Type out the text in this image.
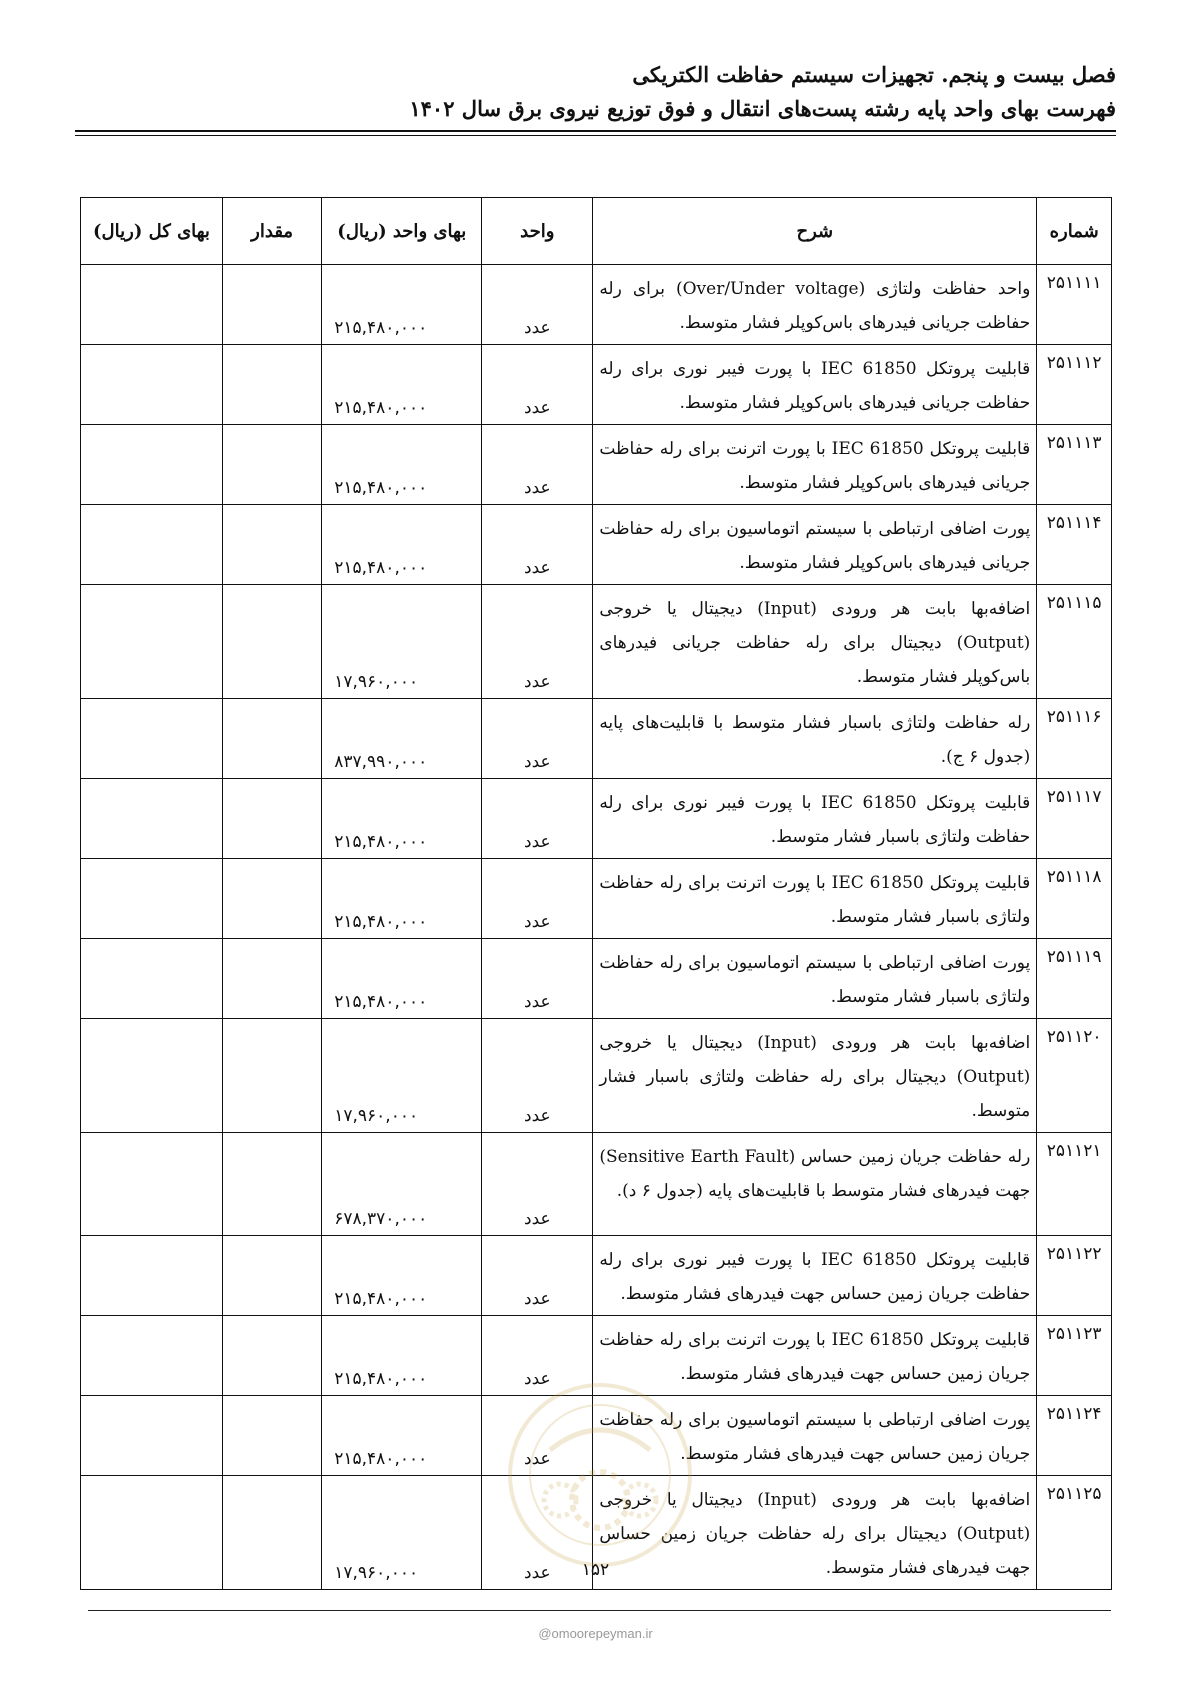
فصل بیست و پنجم. تجهیزات سیستم حفاظت الکتریکی
فهرست بهای واحد پایه رشته پست‌های انتقال و فوق توزیع نیروی برق سال ۱۴۰۲
شماره	شرح	واحد	بهای واحد (ریال)	مقدار	بهای کل (ریال)
۲۵۱۱۱۱	واحد حفاظت ولتاژی (Over/Under voltage) برای رله حفاظت جریانی فیدرهای باس‌کوپلر فشار متوسط.	عدد	۲۱۵,۴۸۰,۰۰۰		
۲۵۱۱۱۲	قابلیت پروتکل IEC 61850 با پورت فیبر نوری برای رله حفاظت جریانی فیدرهای باس‌کوپلر فشار متوسط.	عدد	۲۱۵,۴۸۰,۰۰۰		
۲۵۱۱۱۳	قابلیت پروتکل IEC 61850 با پورت اترنت برای رله حفاظت جریانی فیدرهای باس‌کوپلر فشار متوسط.	عدد	۲۱۵,۴۸۰,۰۰۰		
۲۵۱۱۱۴	پورت اضافی ارتباطی با سیستم اتوماسیون برای رله حفاظت جریانی فیدرهای باس‌کوپلر فشار متوسط.	عدد	۲۱۵,۴۸۰,۰۰۰		
۲۵۱۱۱۵	اضافه‌بها بابت هر ورودی (Input) دیجیتال یا خروجی (Output) دیجیتال برای رله حفاظت جریانی فیدرهای باس‌کوپلر فشار متوسط.	عدد	۱۷,۹۶۰,۰۰۰		
۲۵۱۱۱۶	رله حفاظت ولتاژی باسبار فشار متوسط با قابلیت‌های پایه (جدول ۶ ج).	عدد	۸۳۷,۹۹۰,۰۰۰		
۲۵۱۱۱۷	قابلیت پروتکل IEC 61850 با پورت فیبر نوری برای رله حفاظت ولتاژی باسبار فشار متوسط.	عدد	۲۱۵,۴۸۰,۰۰۰		
۲۵۱۱۱۸	قابلیت پروتکل IEC 61850 با پورت اترنت برای رله حفاظت ولتاژی باسبار فشار متوسط.	عدد	۲۱۵,۴۸۰,۰۰۰		
۲۵۱۱۱۹	پورت اضافی ارتباطی با سیستم اتوماسیون برای رله حفاظت ولتاژی باسبار فشار متوسط.	عدد	۲۱۵,۴۸۰,۰۰۰		
۲۵۱۱۲۰	اضافه‌بها بابت هر ورودی (Input) دیجیتال یا خروجی (Output) دیجیتال برای رله حفاظت ولتاژی باسبار فشار متوسط.	عدد	۱۷,۹۶۰,۰۰۰		
۲۵۱۱۲۱	رله حفاظت جریان زمین حساس (Sensitive Earth Fault) جهت فیدرهای فشار متوسط با قابلیت‌های پایه (جدول ۶ د).	عدد	۶۷۸,۳۷۰,۰۰۰		
۲۵۱۱۲۲	قابلیت پروتکل IEC 61850 با پورت فیبر نوری برای رله حفاظت جریان زمین حساس جهت فیدرهای فشار متوسط.	عدد	۲۱۵,۴۸۰,۰۰۰		
۲۵۱۱۲۳	قابلیت پروتکل IEC 61850 با پورت اترنت برای رله حفاظت جریان زمین حساس جهت فیدرهای فشار متوسط.	عدد	۲۱۵,۴۸۰,۰۰۰		
۲۵۱۱۲۴	پورت اضافی ارتباطی با سیستم اتوماسیون برای رله حفاظت جریان زمین حساس جهت فیدرهای فشار متوسط.	عدد	۲۱۵,۴۸۰,۰۰۰		
۲۵۱۱۲۵	اضافه‌بها بابت هر ورودی (Input) دیجیتال یا خروجی (Output) دیجیتال برای رله حفاظت جریان زمین حساس جهت فیدرهای فشار متوسط.	عدد	۱۷,۹۶۰,۰۰۰			۱۵۲
@omoorepeyman.ir
